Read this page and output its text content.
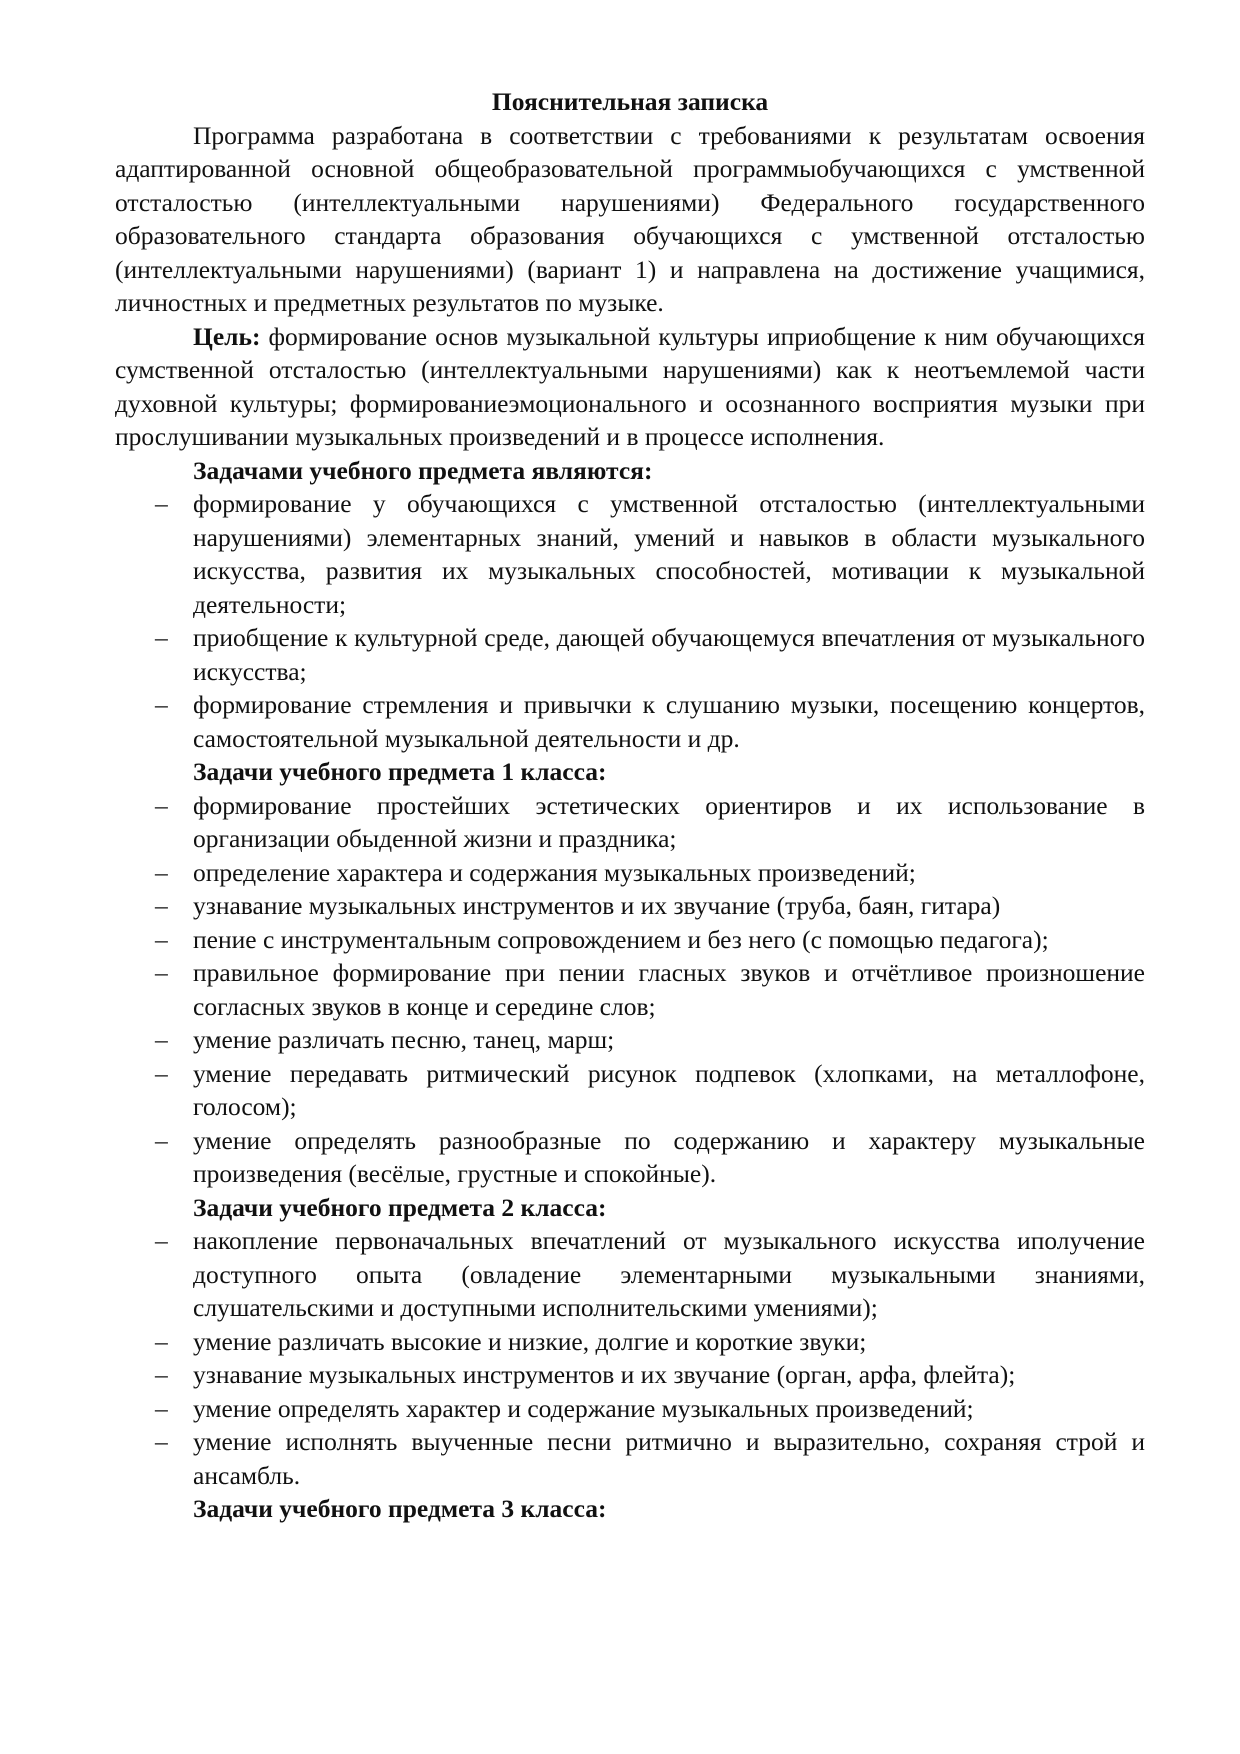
Пояснительная записка

Программа разработана в соответствии с требованиями к результатам освоения адаптированной основной общеобразовательной программыобучающихся с умственной отсталостью (интеллектуальными нарушениями) Федерального государственного образовательного стандарта образования обучающихся с умственной отсталостью (интеллектуальными нарушениями) (вариант 1) и направлена на достижение учащимися, личностных и предметных результатов по музыке.

Цель: формирование основ музыкальной культуры иприобщение к ним обучающихся сумственной отсталостью (интеллектуальными нарушениями) как к неотъемлемой части духовной культуры; формированиеэмоционального и осознанного восприятия музыки при прослушивании музыкальных произведений и в процессе исполнения.

Задачами учебного предмета являются:
– формирование у обучающихся с умственной отсталостью (интеллектуальными нарушениями) элементарных знаний, умений и навыков в области музыкального искусства, развития их музыкальных способностей, мотивации к музыкальной деятельности;
– приобщение к культурной среде, дающей обучающемуся впечатления от музыкального искусства;
– формирование стремления и привычки к слушанию музыки, посещению концертов, самостоятельной музыкальной деятельности и др.
Задачи учебного предмета 1 класса:
– формирование простейших эстетических ориентиров и их использование в организации обыденной жизни и праздника;
– определение характера и содержания музыкальных произведений;
– узнавание музыкальных инструментов и их звучание (труба, баян, гитара)
– пение с инструментальным сопровождением и без него (с помощью педагога);
– правильное формирование при пении гласных звуков и отчётливое произношение согласных звуков в конце и середине слов;
– умение различать песню, танец, марш;
– умение передавать ритмический рисунок подпевок (хлопками, на металлофоне, голосом);
– умение определять разнообразные по содержанию и характеру музыкальные произведения (весёлые, грустные и спокойные).
Задачи учебного предмета 2 класса:
– накопление первоначальных впечатлений от музыкального искусства иполучение доступного опыта (овладение элементарными музыкальными знаниями, слушательскими и доступными исполнительскими умениями);
– умение различать высокие и низкие, долгие и короткие звуки;
– узнавание музыкальных инструментов и их звучание (орган, арфа, флейта);
– умение определять характер и содержание музыкальных произведений;
– умение исполнять выученные песни ритмично и выразительно, сохраняя строй и ансамбль.
Задачи учебного предмета 3 класса:
